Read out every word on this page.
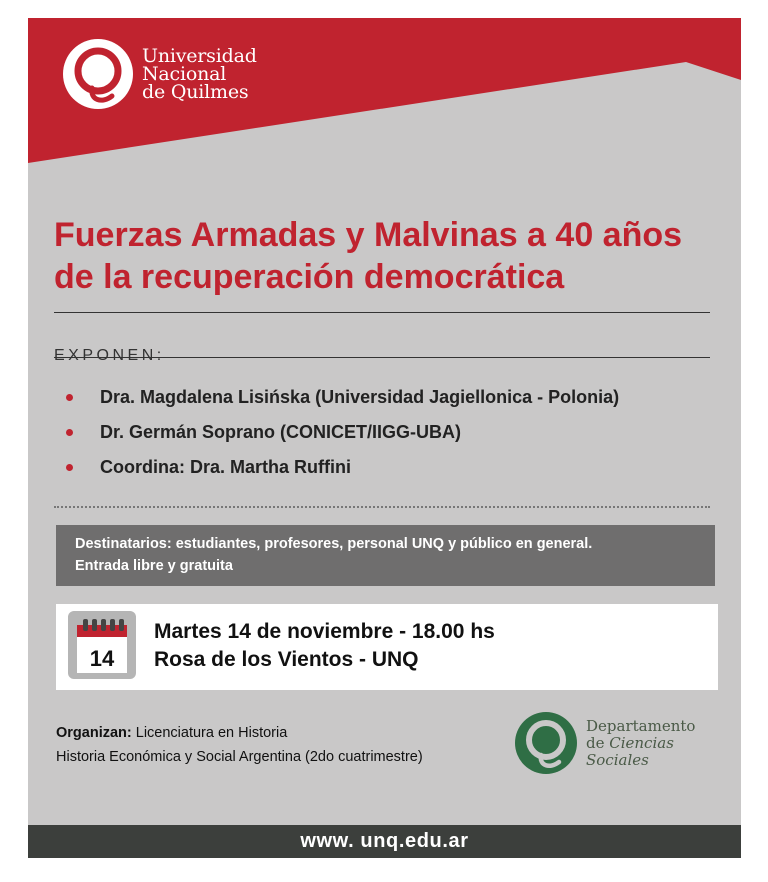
Universidad
Nacional
de Quilmes
Fuerzas Armadas y Malvinas a 40 años
de la recuperación democrática
EXPONEN:
Dra. Magdalena Lisińska (Universidad Jagiellonica - Polonia)
Dr. Germán Soprano (CONICET/IIGG-UBA)
Coordina: Dra. Martha Ruffini
Destinatarios: estudiantes, profesores, personal UNQ y público en general.
Entrada libre y gratuita
14
Martes 14 de noviembre - 18.00 hs
Rosa de los Vientos - UNQ
Organizan: Licenciatura en Historia
Historia Económica y Social Argentina (2do cuatrimestre)
Departamento
de Ciencias
Sociales
www. unq.edu.ar
